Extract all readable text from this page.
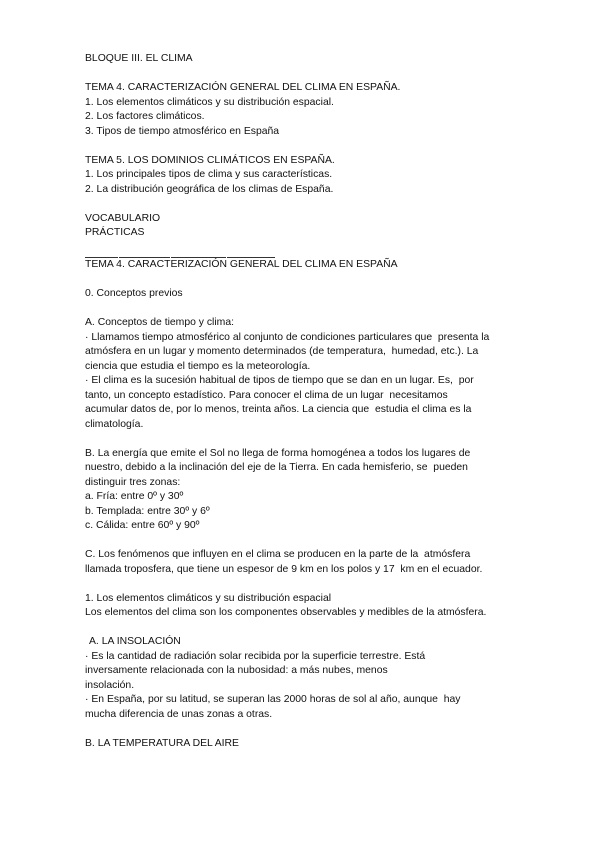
BLOQUE III. EL CLIMA
TEMA 4. CARACTERIZACIÓN GENERAL DEL CLIMA EN ESPAÑA.
1. Los elementos climáticos y su distribución espacial.
2. Los factores climáticos.
3. Tipos de tiempo atmosférico en España
TEMA 5. LOS DOMINIOS CLIMÁTICOS EN ESPAÑA.
1. Los principales tipos de clima y sus características.
2. La distribución geográfica de los climas de España.
VOCABULARIO
PRÁCTICAS
TEMA 4. CARACTERIZACIÓN GENERAL DEL CLIMA EN ESPAÑA
0. Conceptos previos
A. Conceptos de tiempo y clima:
· Llamamos tiempo atmosférico al conjunto de condiciones particulares que  presenta la
atmósfera en un lugar y momento determinados (de temperatura,  humedad, etc.). La
ciencia que estudia el tiempo es la meteorología.
· El clima es la sucesión habitual de tipos de tiempo que se dan en un lugar. Es,  por
tanto, un concepto estadístico. Para conocer el clima de un lugar  necesitamos
acumular datos de, por lo menos, treinta años. La ciencia que  estudia el clima es la
climatología.
B. La energía que emite el Sol no llega de forma homogénea a todos los lugares de
nuestro, debido a la inclinación del eje de la Tierra. En cada hemisferio, se  pueden
distinguir tres zonas:
a. Fría: entre 0º y 30º
b. Templada: entre 30º y 6º
c. Cálida: entre 60º y 90º
C. Los fenómenos que influyen en el clima se producen en la parte de la  atmósfera
llamada troposfera, que tiene un espesor de 9 km en los polos y 17  km en el ecuador.
1. Los elementos climáticos y su distribución espacial
Los elementos del clima son los componentes observables y medibles de la atmósfera.
A. LA INSOLACIÓN
· Es la cantidad de radiación solar recibida por la superficie terrestre. Está
inversamente relacionada con la nubosidad: a más nubes, menos
insolación.
· En España, por su latitud, se superan las 2000 horas de sol al año, aunque  hay
mucha diferencia de unas zonas a otras.
B. LA TEMPERATURA DEL AIRE
